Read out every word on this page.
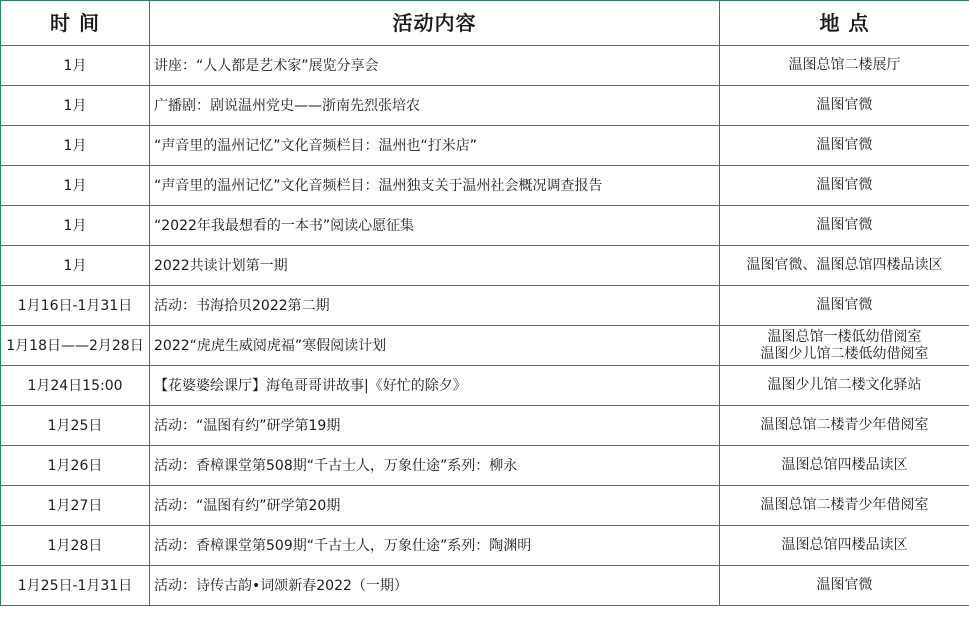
时 间	活动内容	地 点
1月	讲座：“人人都是艺术家”展览分享会	温图总馆二楼展厅

1月	广播剧：剧说温州党史——浙南先烈张培农	温图官微

1月	“声音里的温州记忆”文化音频栏目：温州也“打米店”	温图官微

1月	“声音里的温州记忆”文化音频栏目：温州独支关于温州社会概况调查报告	温图官微

1月	“2022年我最想看的一本书”阅读心愿征集	温图官微

1月	2022共读计划第一期	温图官微、温图总馆四楼品读区

1月16日-1月31日	活动：书海拾贝2022第二期	温图官微

1月18日——2月28日	2022“虎虎生威阅虎福”寒假阅读计划	温图总馆一楼低幼借阅室
温图少儿馆二楼低幼借阅室

1月24日15:00	【花婆婆绘课厅】海龟哥哥讲故事|《好忙的除夕》	温图少儿馆二楼文化驿站

1月25日	活动：“温图有约”研学第19期	温图总馆二楼青少年借阅室

1月26日	活动：香樟课堂第508期“千古士人，万象仕途”系列：柳永	温图总馆四楼品读区

1月27日	活动：“温图有约”研学第20期	温图总馆二楼青少年借阅室

1月28日	活动：香樟课堂第509期“千古士人，万象仕途”系列：陶渊明	温图总馆四楼品读区

1月25日-1月31日	活动：诗传古韵•词颂新春2022（一期）	温图官微
